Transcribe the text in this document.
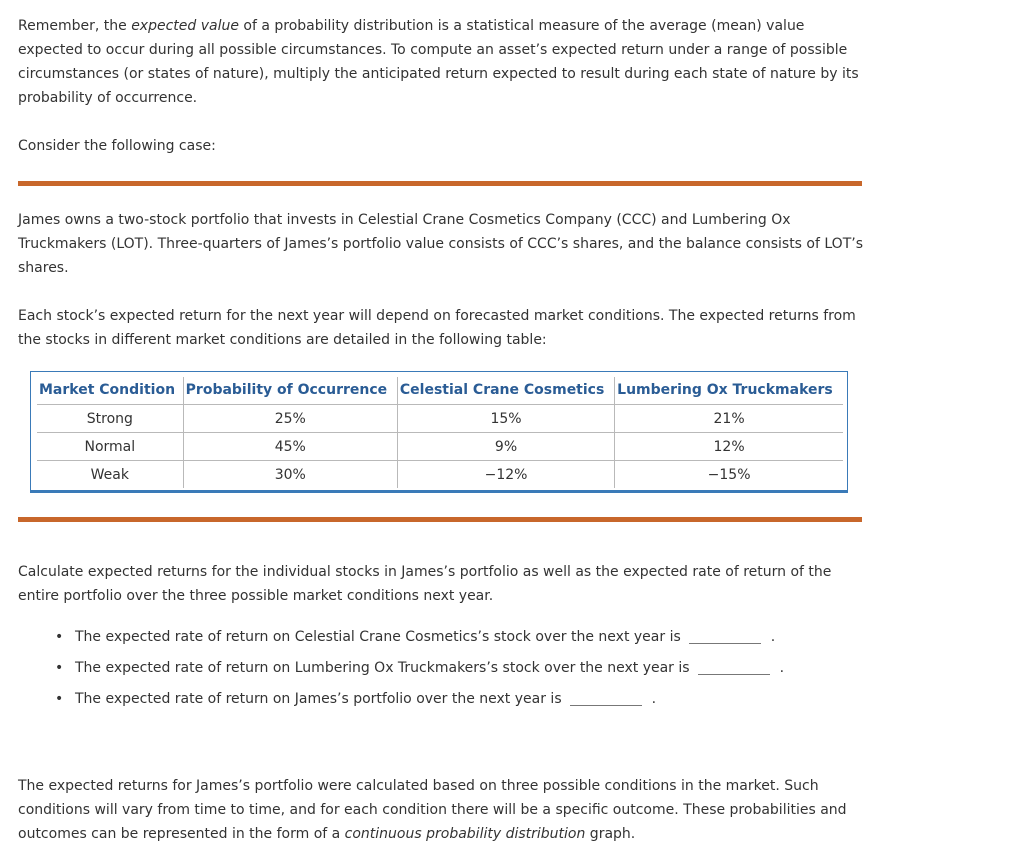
Remember, the expected value of a probability distribution is a statistical measure of the average (mean) value expected to occur during all possible circumstances. To compute an asset’s expected return under a range of possible circumstances (or states of nature), multiply the anticipated return expected to result during each state of nature by its probability of occurrence.

Consider the following case:

James owns a two-stock portfolio that invests in Celestial Crane Cosmetics Company (CCC) and Lumbering Ox Truckmakers (LOT). Three-quarters of James’s portfolio value consists of CCC’s shares, and the balance consists of LOT’s shares.

Each stock’s expected return for the next year will depend on forecasted market conditions. The expected returns from the stocks in different market conditions are detailed in the following table:

Market Condition	Probability of Occurrence	Celestial Crane Cosmetics	Lumbering Ox Truckmakers
Strong	25%	15%	21%
Normal	45%	9%	12%
Weak	30%	−12%	−15%

Calculate expected returns for the individual stocks in James’s portfolio as well as the expected rate of return of the entire portfolio over the three possible market conditions next year.

• The expected rate of return on Celestial Crane Cosmetics’s stock over the next year is	.
• The expected rate of return on Lumbering Ox Truckmakers’s stock over the next year is	.
• The expected rate of return on James’s portfolio over the next year is	.

The expected returns for James’s portfolio were calculated based on three possible conditions in the market. Such conditions will vary from time to time, and for each condition there will be a specific outcome. These probabilities and outcomes can be represented in the form of a continuous probability distribution graph.
